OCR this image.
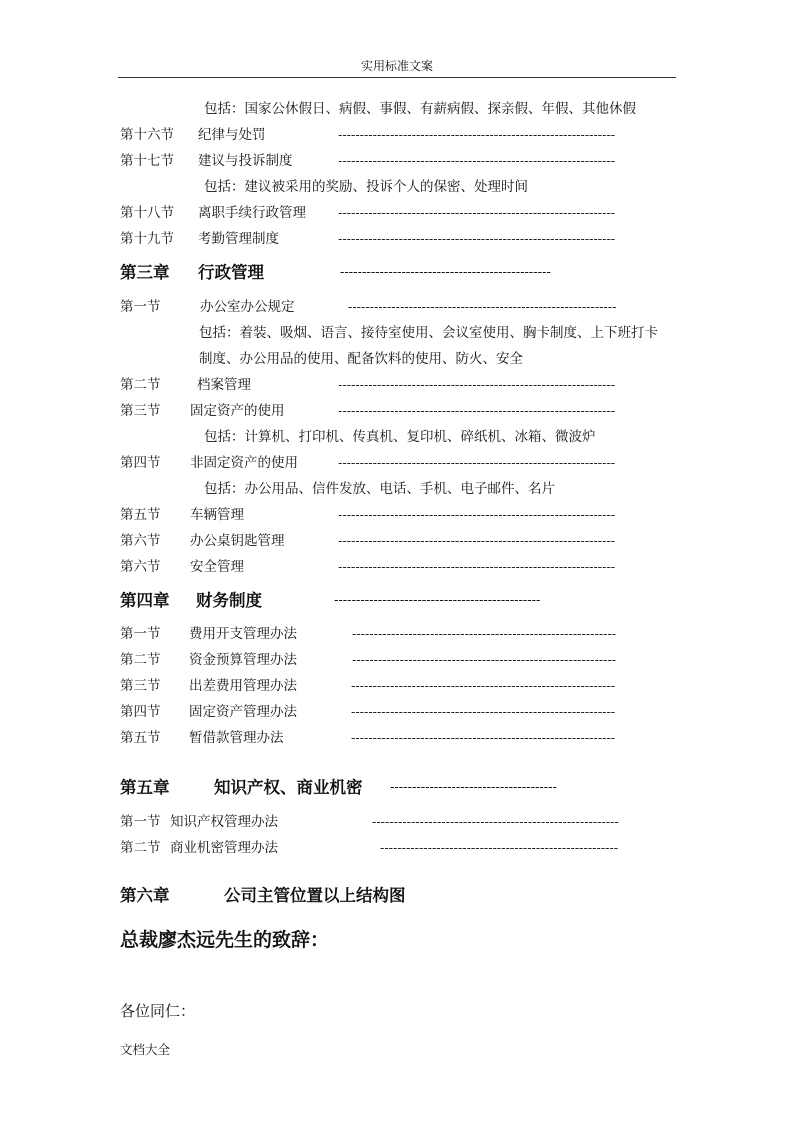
实用标准文案
包括：国家公休假日、病假、事假、有薪病假、探亲假、年假、其他休假
第十六节 纪律与处罚	----------------------------------------------------------------
第十七节 建议与投诉制度	----------------------------------------------------------------
包括：建议被采用的奖励、投诉个人的保密、处理时间
第十八节 离职手续行政管理	----------------------------------------------------------------
第十九节 考勤管理制度	----------------------------------------------------------------
第三章 行政管理	------------------------------------------------
第一节	办公室办公规定	--------------------------------------------------------------
包括：着装、吸烟、语言、接待室使用、会议室使用、胸卡制度、上下班打卡
制度、办公用品的使用、配备饮料的使用、防火、安全
第二节	档案管理	----------------------------------------------------------------
第三节 固定资产的使用	----------------------------------------------------------------
包括：计算机、打印机、传真机、复印机、碎纸机、冰箱、微波炉
第四节 非固定资产的使用	----------------------------------------------------------------
包括：办公用品、信件发放、电话、手机、电子邮件、名片
第五节 车辆管理	----------------------------------------------------------------
第六节 办公桌钥匙管理	----------------------------------------------------------------
第六节 安全管理	----------------------------------------------------------------
第四章 财务制度	-----------------------------------------------
第一节 费用开支管理办法	-------------------------------------------------------------
第二节 资金预算管理办法	-------------------------------------------------------------
第三节 出差费用管理办法	-------------------------------------------------------------
第四节 固定资产管理办法	-------------------------------------------------------------
第五节 暂借款管理办法	-------------------------------------------------------------
第五章	知识产权、商业机密 --------------------------------------
第一节 知识产权管理办法	---------------------------------------------------------
第二节 商业机密管理办法	-------------------------------------------------------
第六章	公司主管位置以上结构图
总裁廖杰远先生的致辞：
各位同仁：
文档大全
